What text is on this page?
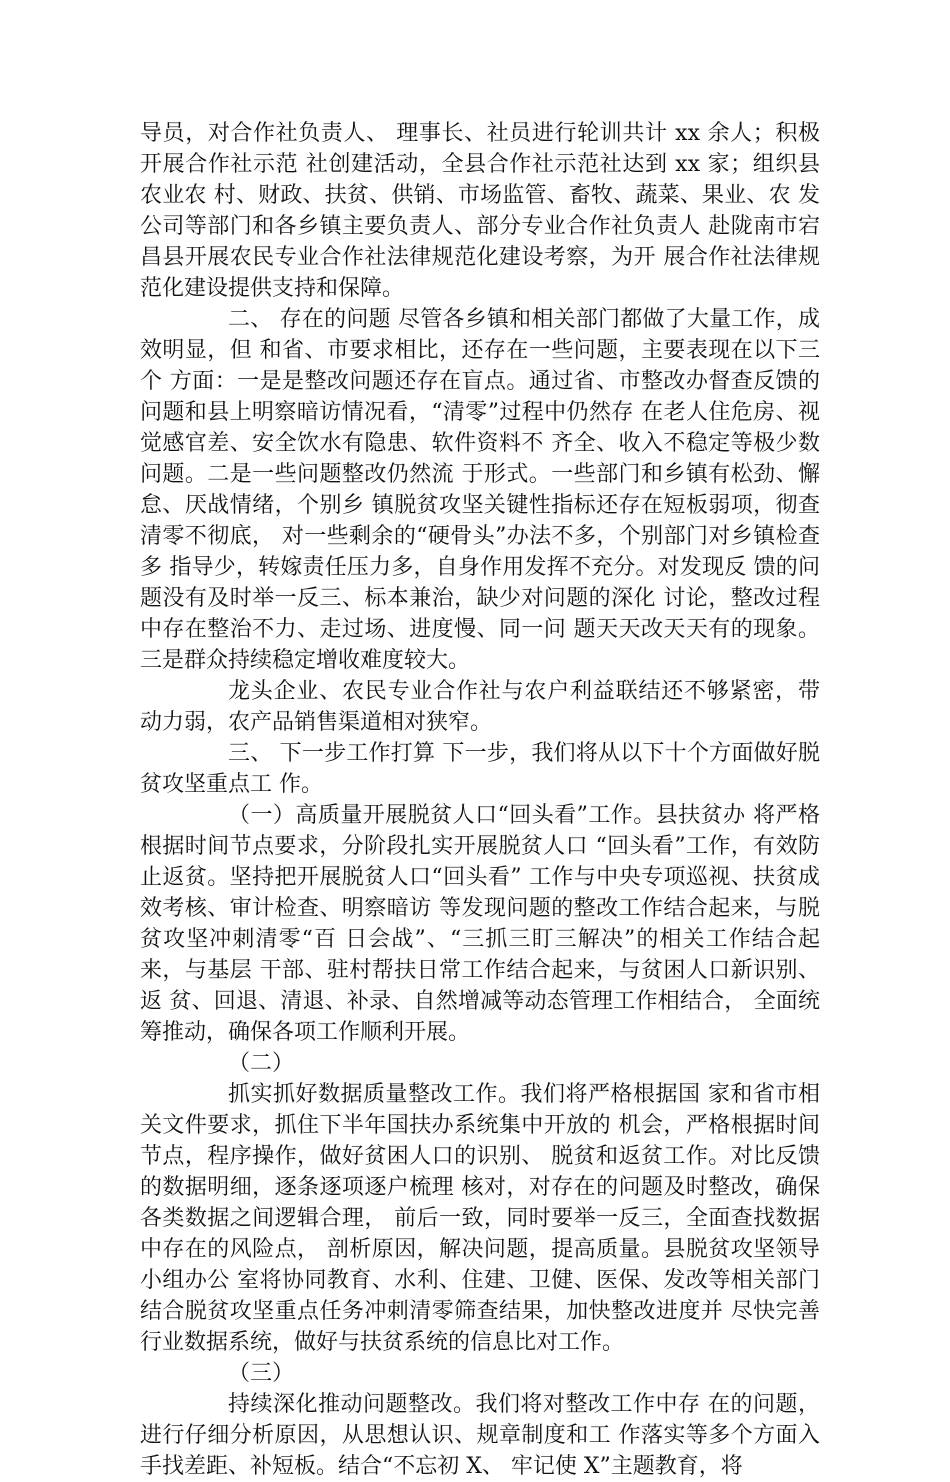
导员，对合作社负责人、 理事长、社员进行轮训共计 xx 余人；积极开展合作社示范 社创建活动，全县合作社示范社达到 xx 家；组织县农业农 村、财政、扶贫、供销、市场监管、畜牧、蔬菜、果业、农 发公司等部门和各乡镇主要负责人、部分专业合作社负责人 赴陇南市宕昌县开展农民专业合作社法律规范化建设考察，为开 展合作社法律规范化建设提供支持和保障。

二、 存在的问题 尽管各乡镇和相关部门都做了大量工作，成效明显，但 和省、市要求相比，还存在一些问题，主要表现在以下三个 方面：一是是整改问题还存在盲点。通过省、市整改办督查反馈的问题和县上明察暗访情况看，“清零”过程中仍然存 在老人住危房、视觉感官差、安全饮水有隐患、软件资料不 齐全、收入不稳定等极少数问题。二是一些问题整改仍然流 于形式。一些部门和乡镇有松劲、懈怠、厌战情绪，个别乡 镇脱贫攻坚关键性指标还存在短板弱项，彻查清零不彻底， 对一些剩余的“硬骨头”办法不多，个别部门对乡镇检查多 指导少，转嫁责任压力多，自身作用发挥不充分。对发现反 馈的问题没有及时举一反三、标本兼治，缺少对问题的深化 讨论，整改过程中存在整治不力、走过场、进度慢、同一问 题天天改天天有的现象。三是群众持续稳定增收难度较大。

龙头企业、农民专业合作社与农户利益联结还不够紧密，带动力弱，农产品销售渠道相对狭窄。

三、 下一步工作打算 下一步，我们将从以下十个方面做好脱贫攻坚重点工 作。

（一）高质量开展脱贫人口“回头看”工作。县扶贫办 将严格根据时间节点要求，分阶段扎实开展脱贫人口 “回头看”工作，有效防止返贫。坚持把开展脱贫人口“回头看” 工作与中央专项巡视、扶贫成效考核、审计检查、明察暗访 等发现问题的整改工作结合起来，与脱贫攻坚冲刺清零“百 日会战”、“三抓三盯三解决”的相关工作结合起来，与基层 干部、驻村帮扶日常工作结合起来，与贫困人口新识别、返 贫、回退、清退、补录、自然增减等动态管理工作相结合， 全面统筹推动，确保各项工作顺利开展。

（二）

抓实抓好数据质量整改工作。我们将严格根据国 家和省市相关文件要求，抓住下半年国扶办系统集中开放的 机会，严格根据时间节点，程序操作，做好贫困人口的识别、 脱贫和返贫工作。对比反馈的数据明细，逐条逐项逐户梳理 核对，对存在的问题及时整改，确保各类数据之间逻辑合理， 前后一致，同时要举一反三，全面查找数据中存在的风险点， 剖析原因，解决问题，提高质量。县脱贫攻坚领导小组办公 室将协同教育、水利、住建、卫健、医保、发改等相关部门 结合脱贫攻坚重点任务冲刺清零筛查结果，加快整改进度并 尽快完善行业数据系统，做好与扶贫系统的信息比对工作。

（三）

持续深化推动问题整改。我们将对整改工作中存 在的问题，进行仔细分析原因，从思想认识、规章制度和工 作落实等多个方面入手找差距、补短板。结合“不忘初 X、 牢记使 X”主题教育，将
